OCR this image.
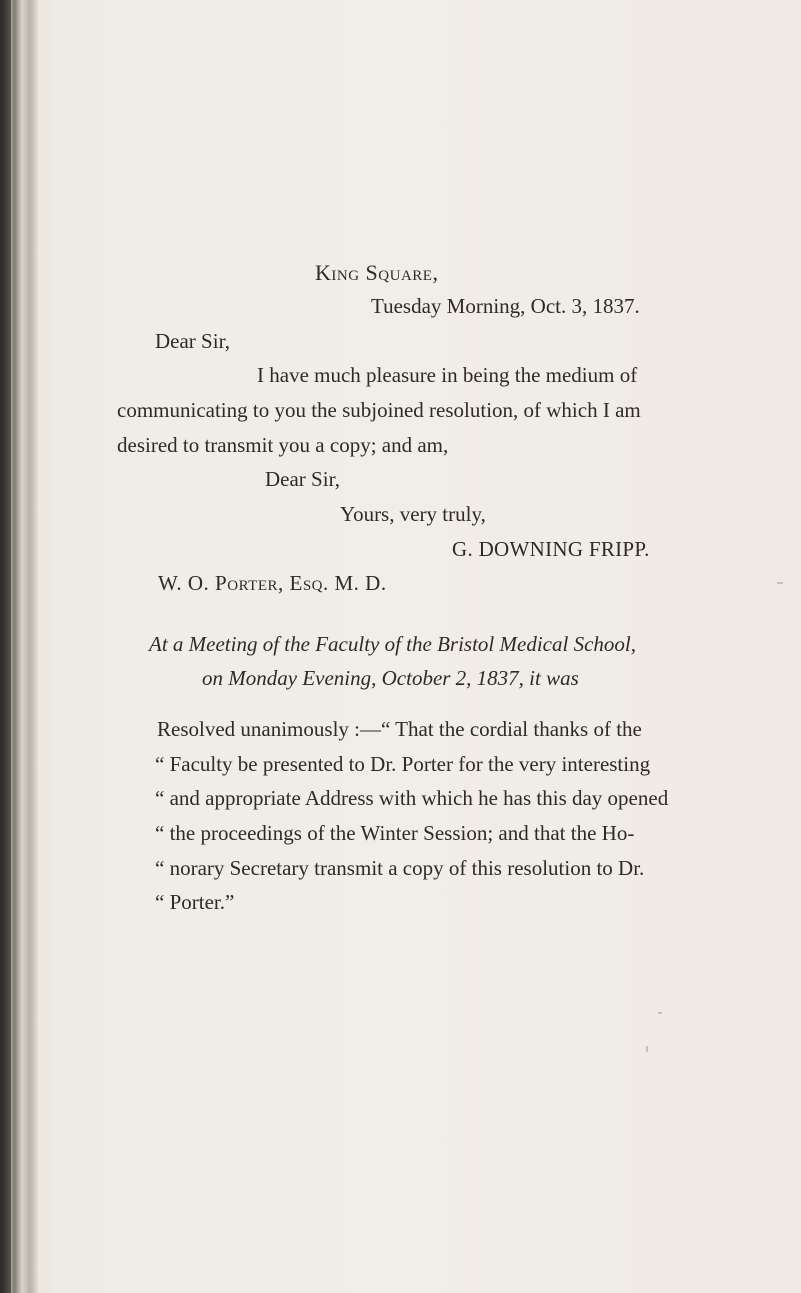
King Square,
Tuesday Morning, Oct. 3, 1837.
Dear Sir,
I have much pleasure in being the medium of
communicating to you the subjoined resolution, of which I am
desired to transmit you a copy; and am,
Dear Sir,
Yours, very truly,
G. DOWNING FRIPP.
W. O. Porter, Esq. M. D.
At a Meeting of the Faculty of the Bristol Medical School,
on Monday Evening, October 2, 1837, it was
Resolved unanimously :—“ That the cordial thanks of the
“ Faculty be presented to Dr. Porter for the very interesting
“ and appropriate Address with which he has this day opened
“ the proceedings of the Winter Session; and that the Ho-
“ norary Secretary transmit a copy of this resolution to Dr.
“ Porter.”
